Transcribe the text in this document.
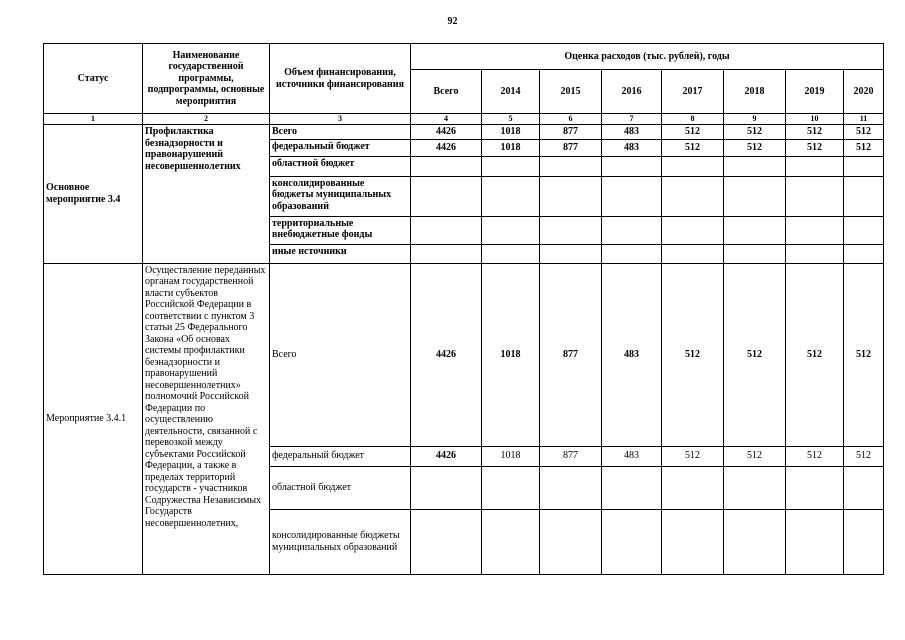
92
Статус	Наименование государственной программы, подпрограммы, основные мероприятия	Объем финансирования, источники финансирования	Оценка расходов (тыс. рублей), годы							
			Всего	2014	2015	2016	2017	2018	2019	2020
1	2	3	4	5	6	7	8	9	10	11
Основное мероприятие 3.4	Профилактика безнадзорности и правонарушений несовершеннолетних	Всего	4426	1018	877	483	512	512	512	512
		федеральный бюджет	4426	1018	877	483	512	512	512	512
		областной бюджет								
		консолидированные бюджеты муниципальных образований								
		территориальные внебюджетные фонды								
		иные источники								
Мероприятие 3.4.1	Осуществление переданных органам государственной власти субъектов Российской Федерации в соответствии с пунктом 3 статьи 25 Федерального Закона «Об основах системы профилактики безнадзорности и правонарушений несовершеннолетних» полномочий Российской Федерации по осуществлению деятельности, связанной с перевозкой между субъектами Российской Федерации, а также в пределах территорий государств - участников Содружества Независимых Государств несовершеннолетних,	Всего	4426	1018	877	483	512	512	512	512
		федеральный бюджет	4426	1018	877	483	512	512	512	512
		областной бюджет								
		консолидированные бюджеты муниципальных образований								
